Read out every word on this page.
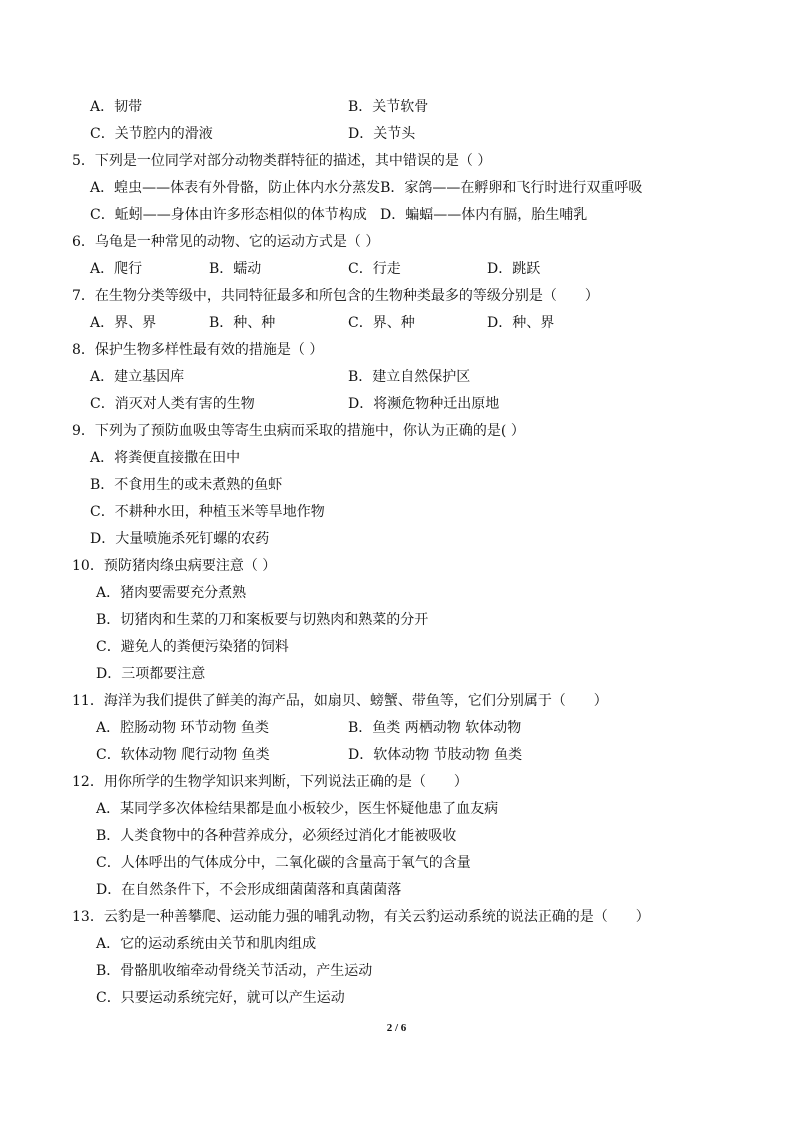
A．韧带	B．关节软骨
C．关节腔内的滑液	D．关节头
5．下列是一位同学对部分动物类群特征的描述，其中错误的是（ ）
A．蝗虫——体表有外骨骼，防止体内水分蒸发B．家鸽——在孵卵和飞行时进行双重呼吸
C．蚯蚓——身体由许多形态相似的体节构成 D．蝙蝠——体内有膈，胎生哺乳
6．乌龟是一种常见的动物、它的运动方式是（ ）
A．爬行	B．蠕动	C．行走	D．跳跃
7．在生物分类等级中，共同特征最多和所包含的生物种类最多的等级分别是（　　）
A．界、界	B．种、种	C．界、种	D．种、界
8．保护生物多样性最有效的措施是（ ）
A．建立基因库	B．建立自然保护区
C．消灭对人类有害的生物	D．将濒危物种迁出原地
9．下列为了预防血吸虫等寄生虫病而采取的措施中，你认为正确的是( ）
A．将粪便直接撒在田中
B．不食用生的或未煮熟的鱼虾
C．不耕种水田，种植玉米等旱地作物
D．大量喷施杀死钉螺的农药
10．预防猪肉绦虫病要注意（ ）
A．猪肉要需要充分煮熟
B．切猪肉和生菜的刀和案板要与切熟肉和熟菜的分开
C．避免人的粪便污染猪的饲料
D．三项都要注意
11．海洋为我们提供了鲜美的海产品，如扇贝、螃蟹、带鱼等，它们分别属于（　　）
A．腔肠动物 环节动物 鱼类	B．鱼类 两栖动物 软体动物
C．软体动物 爬行动物 鱼类	D．软体动物 节肢动物 鱼类
12．用你所学的生物学知识来判断，下列说法正确的是（　　）
A．某同学多次体检结果都是血小板较少，医生怀疑他患了血友病
B．人类食物中的各种营养成分，必须经过消化才能被吸收
C．人体呼出的气体成分中，二氧化碳的含量高于氧气的含量
D．在自然条件下，不会形成细菌菌落和真菌菌落
13．云豹是一种善攀爬、运动能力强的哺乳动物，有关云豹运动系统的说法正确的是（　　）
A．它的运动系统由关节和肌肉组成
B．骨骼肌收缩牵动骨绕关节活动，产生运动
C．只要运动系统完好，就可以产生运动
2 / 6
